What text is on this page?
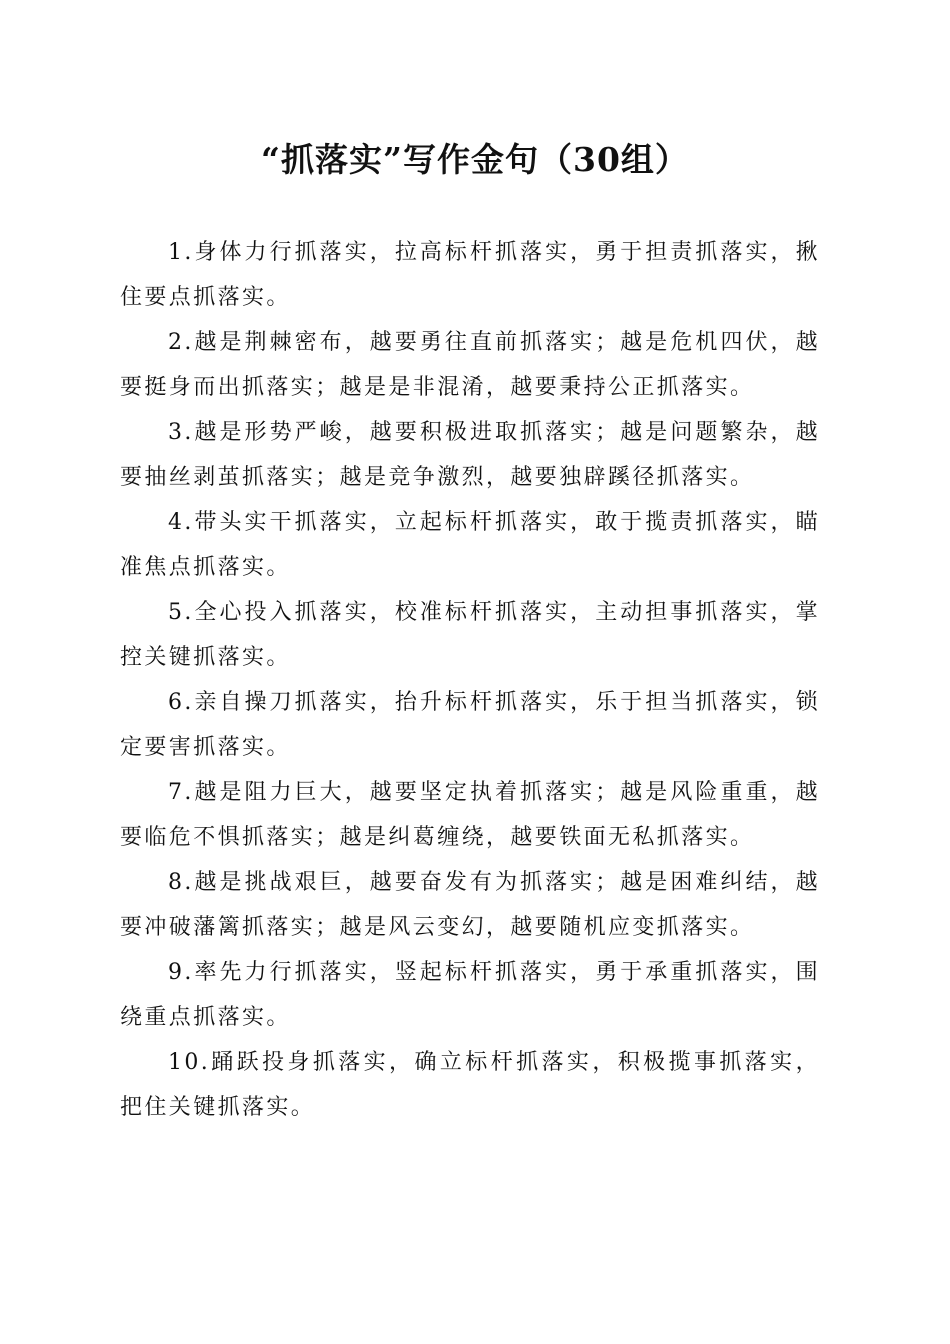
“抓落实”写作金句（30组）

1.身体力行抓落实，拉高标杆抓落实，勇于担责抓落实，揪住要点抓落实。

2.越是荆棘密布，越要勇往直前抓落实；越是危机四伏，越要挺身而出抓落实；越是是非混淆，越要秉持公正抓落实。

3.越是形势严峻，越要积极进取抓落实；越是问题繁杂，越要抽丝剥茧抓落实；越是竞争激烈，越要独辟蹊径抓落实。

4.带头实干抓落实，立起标杆抓落实，敢于揽责抓落实，瞄准焦点抓落实。

5.全心投入抓落实，校准标杆抓落实，主动担事抓落实，掌控关键抓落实。

6.亲自操刀抓落实，抬升标杆抓落实，乐于担当抓落实，锁定要害抓落实。

7.越是阻力巨大，越要坚定执着抓落实；越是风险重重，越要临危不惧抓落实；越是纠葛缠绕，越要铁面无私抓落实。

8.越是挑战艰巨，越要奋发有为抓落实；越是困难纠结，越要冲破藩篱抓落实；越是风云变幻，越要随机应变抓落实。

9.率先力行抓落实，竖起标杆抓落实，勇于承重抓落实，围绕重点抓落实。

10.踊跃投身抓落实，确立标杆抓落实，积极揽事抓落实，把住关键抓落实。
